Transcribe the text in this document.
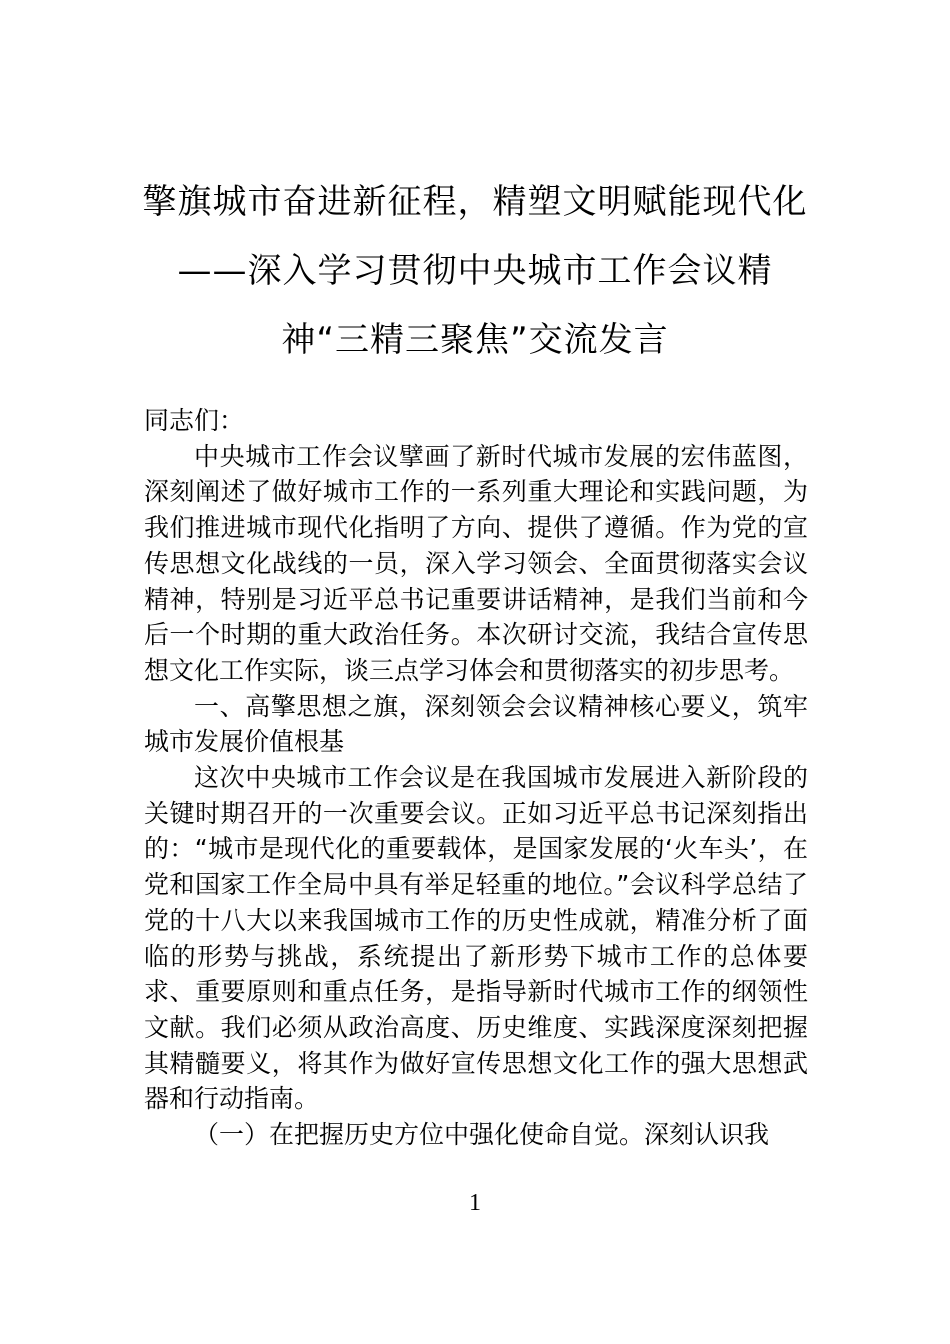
擎旗城市奋进新征程，精塑文明赋能现代化——深入学习贯彻中央城市工作会议精神“三精三聚焦”交流发言

同志们：

中央城市工作会议擘画了新时代城市发展的宏伟蓝图，深刻阐述了做好城市工作的一系列重大理论和实践问题，为我们推进城市现代化指明了方向、提供了遵循。作为党的宣传思想文化战线的一员，深入学习领会、全面贯彻落实会议精神，特别是习近平总书记重要讲话精神，是我们当前和今后一个时期的重大政治任务。本次研讨交流，我结合宣传思想文化工作实际，谈三点学习体会和贯彻落实的初步思考。

一、高擎思想之旗，深刻领会会议精神核心要义，筑牢城市发展价值根基

这次中央城市工作会议是在我国城市发展进入新阶段的关键时期召开的一次重要会议。正如习近平总书记深刻指出的：“城市是现代化的重要载体，是国家发展的‘火车头’，在党和国家工作全局中具有举足轻重的地位。”会议科学总结了党的十八大以来我国城市工作的历史性成就，精准分析了面临的形势与挑战，系统提出了新形势下城市工作的总体要求、重要原则和重点任务，是指导新时代城市工作的纲领性文献。我们必须从政治高度、历史维度、实践深度深刻把握其精髓要义，将其作为做好宣传思想文化工作的强大思想武器和行动指南。

（一）在把握历史方位中强化使命自觉。深刻认识我

1
